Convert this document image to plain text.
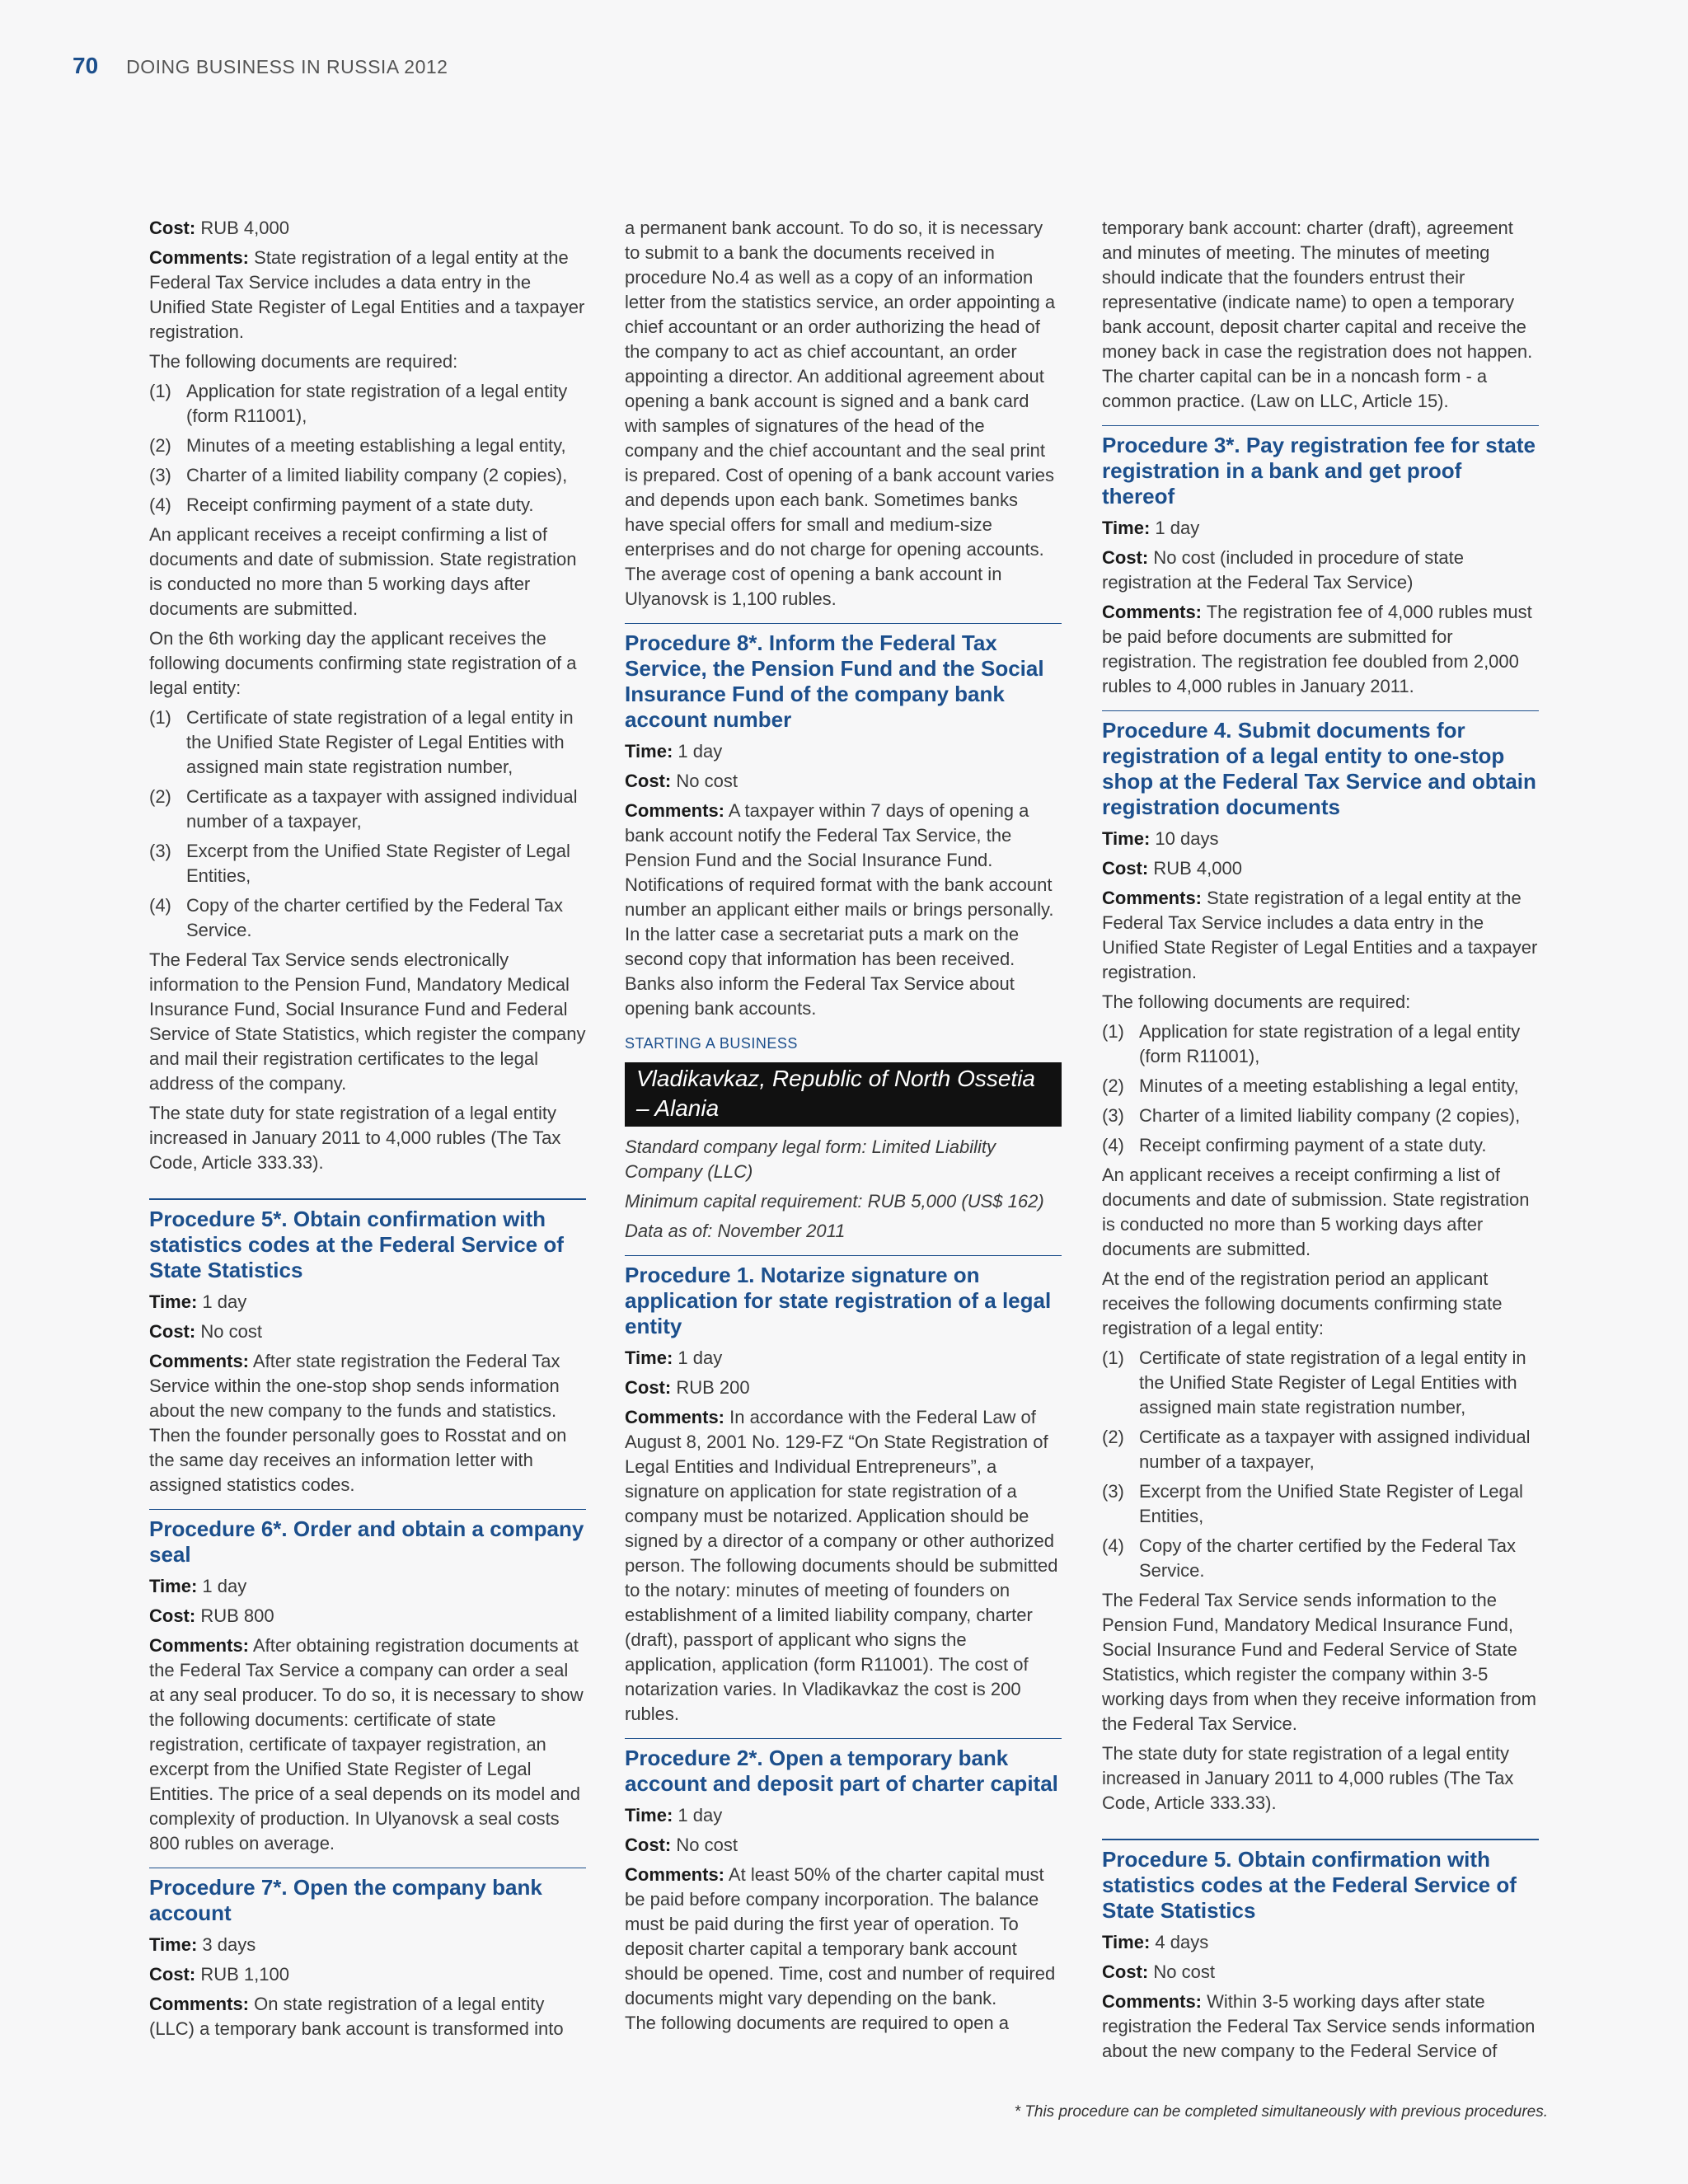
70 DOING BUSINESS IN RUSSIA 2012

Cost: RUB 4,000

Comments: State registration of a legal entity at the Federal Tax Service includes a data entry in the Unified State Register of Legal Entities and a taxpayer registration.

The following documents are required:

(1) Application for state registration of a legal entity (form R11001),
(2) Minutes of a meeting establishing a legal entity,
(3) Charter of a limited liability company (2 copies),
(4) Receipt confirming payment of a state duty.

An applicant receives a receipt confirming a list of documents and date of submission. State registration is conducted no more than 5 working days after documents are submitted.

On the 6th working day the applicant receives the following documents confirming state registration of a legal entity:

(1) Certificate of state registration of a legal entity in the Unified State Register of Legal Entities with assigned main state registration number,
(2) Certificate as a taxpayer with assigned individual number of a taxpayer,
(3) Excerpt from the Unified State Register of Legal Entities,
(4) Copy of the charter certified by the Federal Tax Service.

The Federal Tax Service sends electronically information to the Pension Fund, Mandatory Medical Insurance Fund, Social Insurance Fund and Federal Service of State Statistics, which register the company and mail their registration certificates to the legal address of the company.

The state duty for state registration of a legal entity increased in January 2011 to 4,000 rubles (The Tax Code, Article 333.33).

Procedure 5*. Obtain confirmation with statistics codes at the Federal Service of State Statistics

Time: 1 day

Cost: No cost

Comments: After state registration the Federal Tax Service within the one-stop shop sends information about the new company to the funds and statistics. Then the founder personally goes to Rosstat and on the same day receives an information letter with assigned statistics codes.

Procedure 6*. Order and obtain a company seal

Time: 1 day

Cost: RUB 800

Comments: After obtaining registration documents at the Federal Tax Service a company can order a seal at any seal producer. To do so, it is necessary to show the following documents: certificate of state registration, certificate of taxpayer registration, an excerpt from the Unified State Register of Legal Entities. The price of a seal depends on its model and complexity of production. In Ulyanovsk a seal costs 800 rubles on average.

Procedure 7*. Open the company bank account

Time: 3 days

Cost: RUB 1,100

Comments: On state registration of a legal entity (LLC) a temporary bank account is transformed into

a permanent bank account. To do so, it is necessary to submit to a bank the documents received in procedure No.4 as well as a copy of an information letter from the statistics service, an order appointing a chief accountant or an order authorizing the head of the company to act as chief accountant, an order appointing a director. An additional agreement about opening a bank account is signed and a bank card with samples of signatures of the head of the company and the chief accountant and the seal print is prepared. Cost of opening of a bank account varies and depends upon each bank. Sometimes banks have special offers for small and medium-size enterprises and do not charge for opening accounts. The average cost of opening a bank account in Ulyanovsk is 1,100 rubles.

Procedure 8*. Inform the Federal Tax Service, the Pension Fund and the Social Insurance Fund of the company bank account number

Time: 1 day

Cost: No cost

Comments: A taxpayer within 7 days of opening a bank account notify the Federal Tax Service, the Pension Fund and the Social Insurance Fund. Notifications of required format with the bank account number an applicant either mails or brings personally. In the latter case a secretariat puts a mark on the second copy that information has been received. Banks also inform the Federal Tax Service about opening bank accounts.

STARTING A BUSINESS
Vladikavkaz, Republic of North Ossetia – Alania

Standard company legal form: Limited Liability Company (LLC)

Minimum capital requirement: RUB 5,000 (US$ 162)

Data as of: November 2011

Procedure 1. Notarize signature on application for state registration of a legal entity

Time: 1 day

Cost: RUB 200

Comments: In accordance with the Federal Law of August 8, 2001 No. 129-FZ “On State Registration of Legal Entities and Individual Entrepreneurs”, a signature on application for state registration of a company must be notarized. Application should be signed by a director of a company or other authorized person. The following documents should be submitted to the notary: minutes of meeting of founders on establishment of a limited liability company, charter (draft), passport of applicant who signs the application, application (form R11001). The cost of notarization varies. In Vladikavkaz the cost is 200 rubles.

Procedure 2*. Open a temporary bank account and deposit part of charter capital

Time: 1 day

Cost: No cost

Comments: At least 50% of the charter capital must be paid before company incorporation. The balance must be paid during the first year of operation. To deposit charter capital a temporary bank account should be opened. Time, cost and number of required documents might vary depending on the bank.

The following documents are required to open a

temporary bank account: charter (draft), agreement and minutes of meeting. The minutes of meeting should indicate that the founders entrust their representative (indicate name) to open a temporary bank account, deposit charter capital and receive the money back in case the registration does not happen. The charter capital can be in a noncash form - a common practice. (Law on LLC, Article 15).

Procedure 3*. Pay registration fee for state registration in a bank and get proof thereof

Time: 1 day

Cost: No cost (included in procedure of state registration at the Federal Tax Service)

Comments: The registration fee of 4,000 rubles must be paid before documents are submitted for registration. The registration fee doubled from 2,000 rubles to 4,000 rubles in January 2011.

Procedure 4. Submit documents for registration of a legal entity to one-stop shop at the Federal Tax Service and obtain registration documents

Time: 10 days

Cost: RUB 4,000

Comments: State registration of a legal entity at the Federal Tax Service includes a data entry in the Unified State Register of Legal Entities and a taxpayer registration.

The following documents are required:

(1) Application for state registration of a legal entity (form R11001),
(2) Minutes of a meeting establishing a legal entity,
(3) Charter of a limited liability company (2 copies),
(4) Receipt confirming payment of a state duty.

An applicant receives a receipt confirming a list of documents and date of submission. State registration is conducted no more than 5 working days after documents are submitted.

At the end of the registration period an applicant receives the following documents confirming state registration of a legal entity:

(1) Certificate of state registration of a legal entity in the Unified State Register of Legal Entities with assigned main state registration number,
(2) Certificate as a taxpayer with assigned individual number of a taxpayer,
(3) Excerpt from the Unified State Register of Legal Entities,
(4) Copy of the charter certified by the Federal Tax Service.

The Federal Tax Service sends information to the Pension Fund, Mandatory Medical Insurance Fund, Social Insurance Fund and Federal Service of State Statistics, which register the company within 3-5 working days from when they receive information from the Federal Tax Service.

The state duty for state registration of a legal entity increased in January 2011 to 4,000 rubles (The Tax Code, Article 333.33).

Procedure 5. Obtain confirmation with statistics codes at the Federal Service of State Statistics

Time: 4 days

Cost: No cost

Comments: Within 3-5 working days after state registration the Federal Tax Service sends information about the new company to the Federal Service of

* This procedure can be completed simultaneously with previous procedures.
